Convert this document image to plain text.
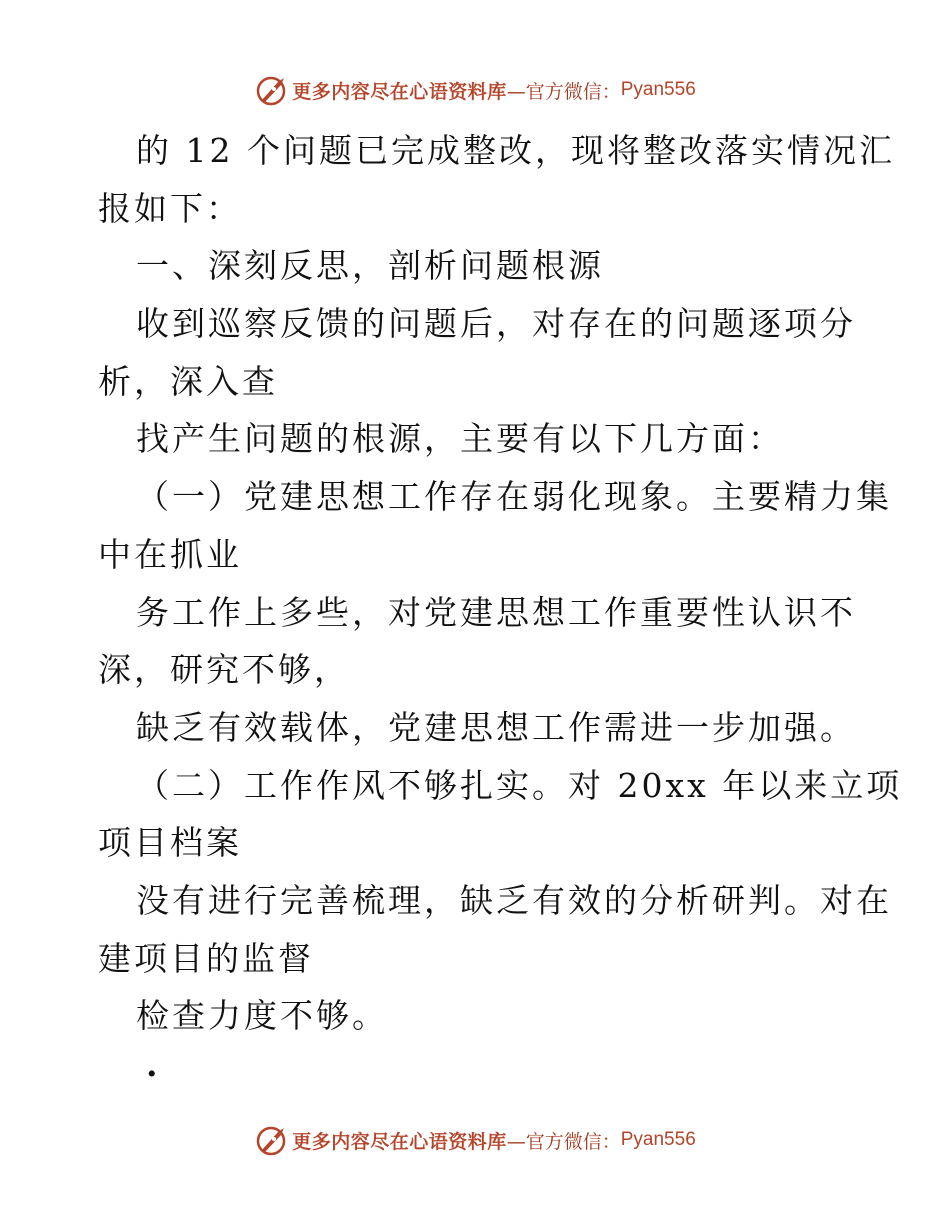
更多内容尽在心语资料库 —官方微信： Pyan556
的 12 个问题已完成整改，现将整改落实情况汇
报如下：
一、深刻反思，剖析问题根源
收到巡察反馈的问题后，对存在的问题逐项分
析，深入查
找产生问题的根源，主要有以下几方面：
（一）党建思想工作存在弱化现象。主要精力集
中在抓业
务工作上多些，对党建思想工作重要性认识不
深，研究不够，
缺乏有效载体，党建思想工作需进一步加强。
（二）工作作风不够扎实。对 20xx 年以来立项
项目档案
没有进行完善梳理，缺乏有效的分析研判。对在
建项目的监督
检查力度不够。
·
更多内容尽在心语资料库 —官方微信： Pyan556
